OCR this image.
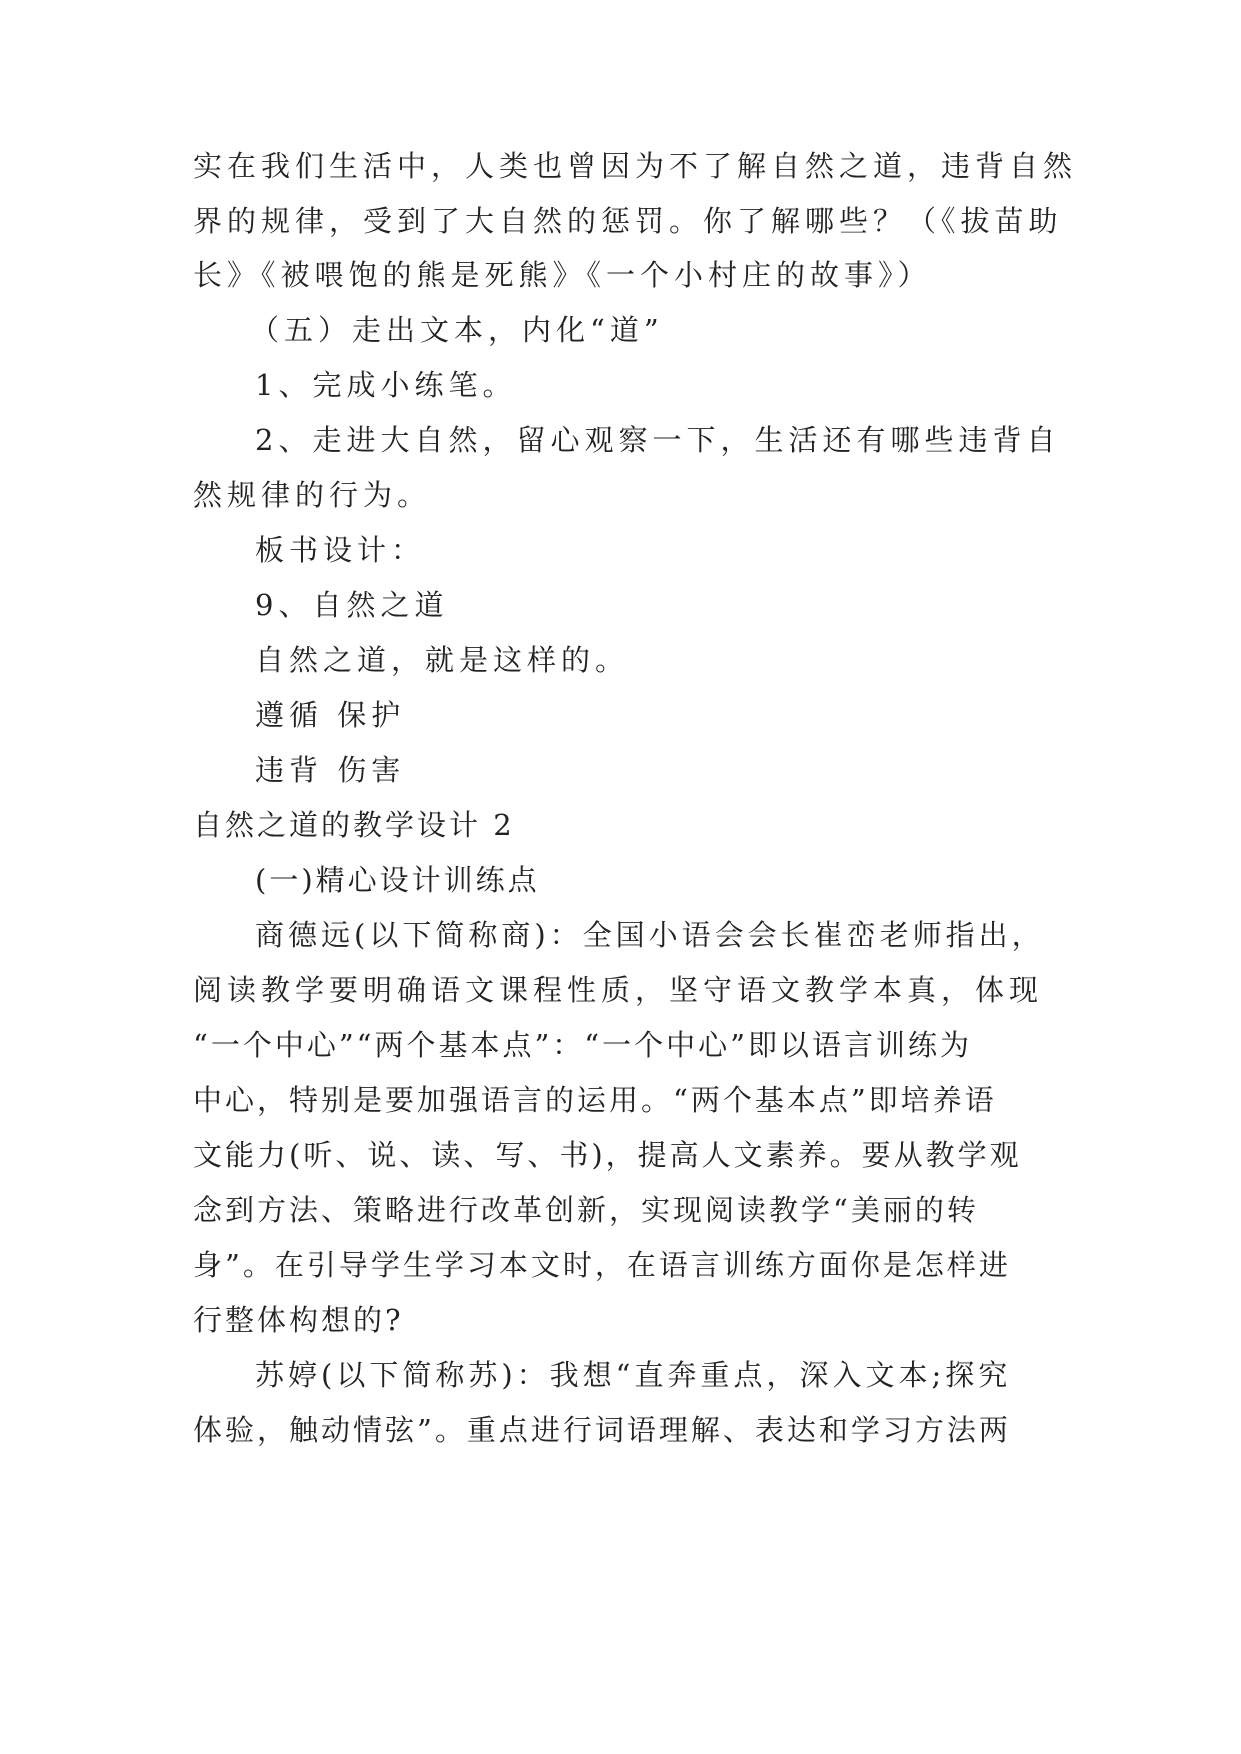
实在我们生活中，人类也曾因为不了解自然之道，违背自然
界的规律，受到了大自然的惩罚。你了解哪些？（《拔苗助
长》《被喂饱的熊是死熊》《一个小村庄的故事》）
（五）走出文本，内化“道”
1、完成小练笔。
2、走进大自然，留心观察一下，生活还有哪些违背自
然规律的行为。
板书设计：
9、自然之道
自然之道，就是这样的。
遵循 保护
违背 伤害
自然之道的教学设计 2
(一)精心设计训练点
商德远(以下简称商)：全国小语会会长崔峦老师指出，
阅读教学要明确语文课程性质，坚守语文教学本真，体现
“一个中心”“两个基本点”：“一个中心”即以语言训练为
中心，特别是要加强语言的运用。“两个基本点”即培养语
文能力(听、说、读、写、书)，提高人文素养。要从教学观
念到方法、策略进行改革创新，实现阅读教学“美丽的转
身”。在引导学生学习本文时，在语言训练方面你是怎样进
行整体构想的?
苏婷(以下简称苏)：我想“直奔重点，深入文本;探究
体验，触动情弦”。重点进行词语理解、表达和学习方法两
